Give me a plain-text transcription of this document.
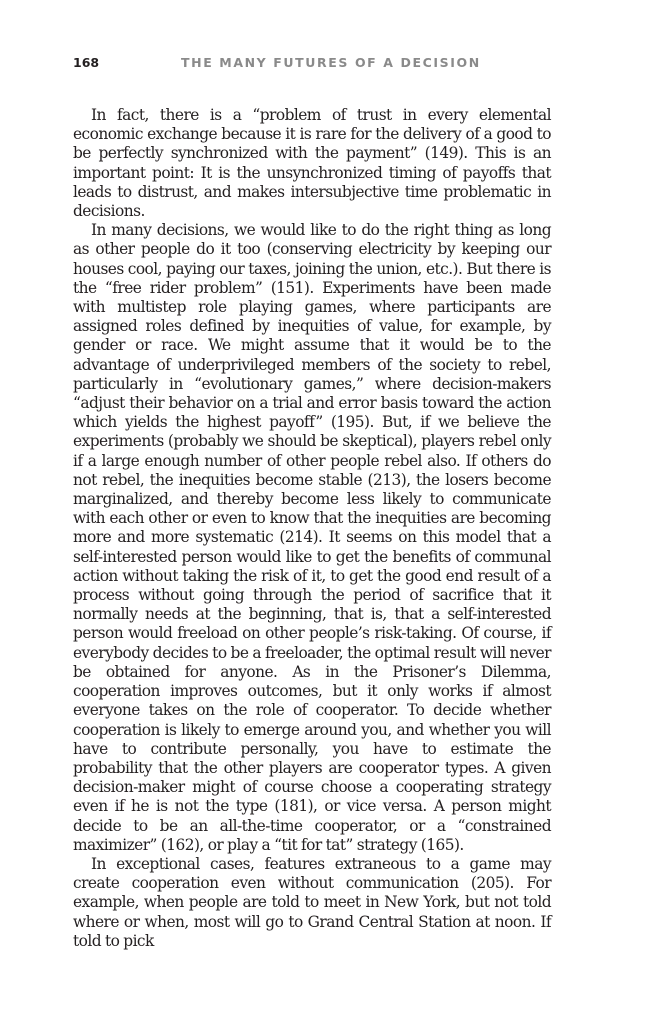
168	THE MANY FUTURES OF A DECISION

In fact, there is a “problem of trust in every elemental economic exchange because it is rare for the delivery of a good to be perfectly synchronized with the payment” (149). This is an important point: It is the unsynchronized timing of payoffs that leads to distrust, and makes intersubjective time problematic in decisions.

In many decisions, we would like to do the right thing as long as other people do it too (conserving electricity by keeping our houses cool, paying our taxes, joining the union, etc.). But there is the “free rider problem” (151). Experiments have been made with multistep role playing games, where participants are assigned roles defined by inequities of value, for example, by gender or race. We might assume that it would be to the advantage of underprivileged members of the society to rebel, particularly in “evolutionary games,” where decision-makers “adjust their behavior on a trial and error basis toward the action which yields the highest payoff” (195). But, if we believe the experiments (probably we should be skeptical), players rebel only if a large enough number of other people rebel also. If others do not rebel, the inequities become stable (213), the losers become marginalized, and thereby become less likely to communicate with each other or even to know that the inequities are becoming more and more systematic (214). It seems on this model that a self-interested person would like to get the benefits of communal action without taking the risk of it, to get the good end result of a process without going through the period of sacrifice that it normally needs at the beginning, that is, that a self-interested person would freeload on other people’s risk-taking. Of course, if everybody decides to be a freeloader, the optimal result will never be obtained for anyone. As in the Prisoner’s Dilemma, cooperation improves outcomes, but it only works if almost everyone takes on the role of cooperator. To decide whether cooperation is likely to emerge around you, and whether you will have to contribute personally, you have to estimate the probability that the other players are cooperator types. A given decision-maker might of course choose a cooperating strategy even if he is not the type (181), or vice versa. A person might decide to be an all-the-time cooperator, or a “constrained maximizer” (162), or play a “tit for tat” strategy (165).

In exceptional cases, features extraneous to a game may create cooperation even without communication (205). For example, when people are told to meet in New York, but not told where or when, most will go to Grand Central Station at noon. If told to pick
